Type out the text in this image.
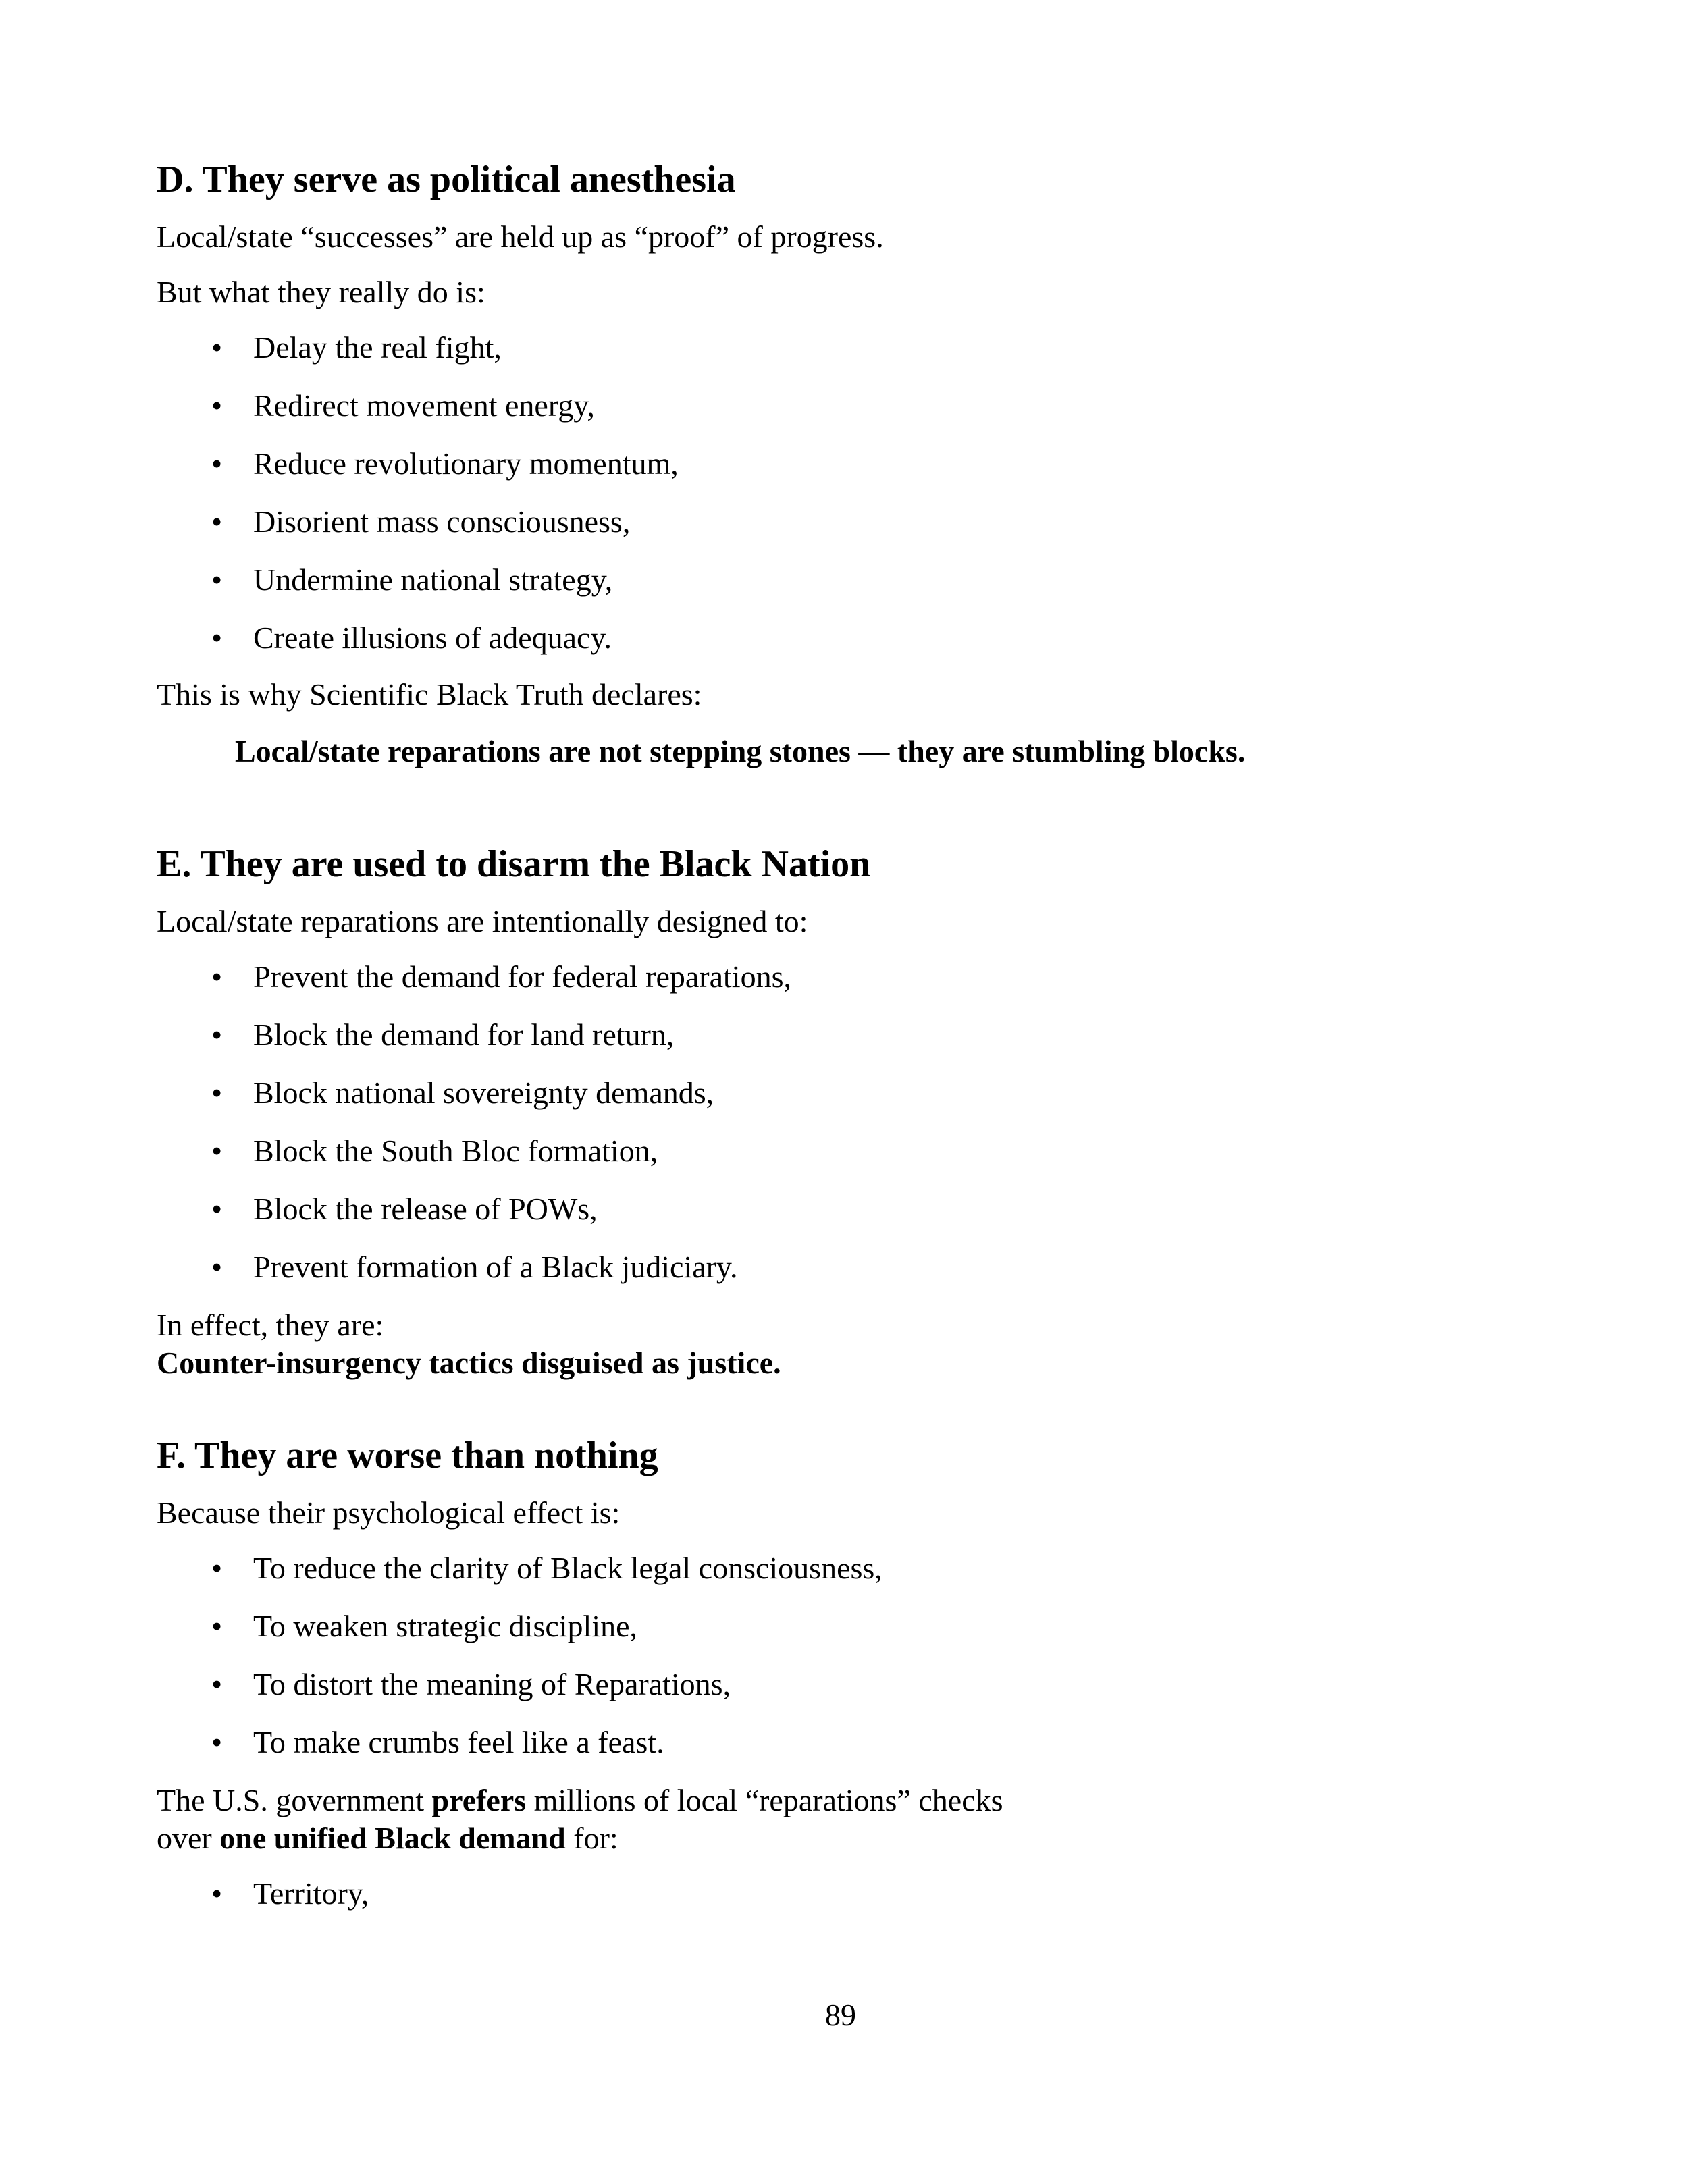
D. They serve as political anesthesia
Local/state “successes” are held up as “proof” of progress.
But what they really do is:
• Delay the real fight,
• Redirect movement energy,
• Reduce revolutionary momentum,
• Disorient mass consciousness,
• Undermine national strategy,
• Create illusions of adequacy.
This is why Scientific Black Truth declares:
Local/state reparations are not stepping stones — they are stumbling blocks.
E. They are used to disarm the Black Nation
Local/state reparations are intentionally designed to:
• Prevent the demand for federal reparations,
• Block the demand for land return,
• Block national sovereignty demands,
• Block the South Bloc formation,
• Block the release of POWs,
• Prevent formation of a Black judiciary.
In effect, they are:
Counter-insurgency tactics disguised as justice.
F. They are worse than nothing
Because their psychological effect is:
• To reduce the clarity of Black legal consciousness,
• To weaken strategic discipline,
• To distort the meaning of Reparations,
• To make crumbs feel like a feast.
The U.S. government prefers millions of local “reparations” checks
over one unified Black demand for:
• Territory,
89
